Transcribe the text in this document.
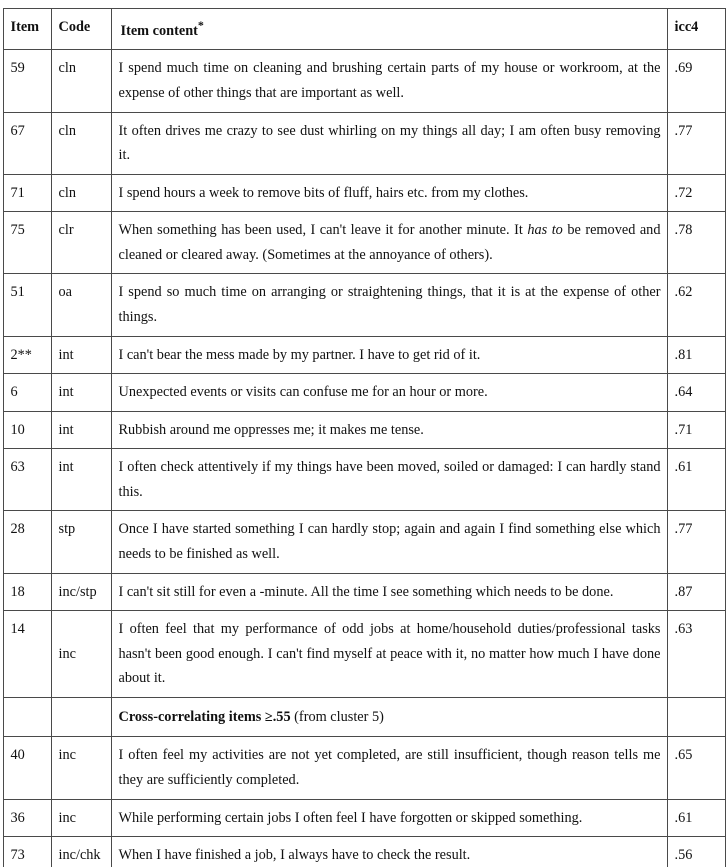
Item	Code	Item content*	icc4
59	cln	I spend much time on cleaning and brushing certain parts of my house or workroom, at the expense of other things that are important as well.	.69
67	cln	It often drives me crazy to see dust whirling on my things all day; I am often busy removing it.	.77
71	cln	I spend hours a week to remove bits of fluff, hairs etc. from my clothes.	.72
75	clr	When something has been used, I can't leave it for another minute. It has to be removed and cleaned or cleared away. (Sometimes at the annoyance of others).	.78
51	oa	I spend so much time on arranging or straightening things, that it is at the expense of other things.	.62
2**	int	I can't bear the mess made by my partner. I have to get rid of it.	.81
6	int	Unexpected events or visits can confuse me for an hour or more.	.64
10	int	Rubbish around me oppresses me; it makes me tense.	.71
63	int	I often check attentively if my things have been moved, soiled or damaged: I can hardly stand this.	.61
28	stp	Once I have started something I can hardly stop; again and again I find something else which needs to be finished as well.	.77
18	inc/stp	I can't sit still for even a -minute. All the time I see something which needs to be done.	.87
14	inc	I often feel that my performance of odd jobs at home/household duties/professional tasks hasn't been good enough. I can't find myself at peace with it, no matter how much I have done about it.	.63
		Cross-correlating items ≥.55 (from cluster 5)	
40	inc	I often feel my activities are not yet completed, are still insufficient, though reason tells me they are sufficiently completed.	.65
36	inc	While performing certain jobs I often feel I have forgotten or skipped something.	.61
73	inc/chk	When I have finished a job, I always have to check the result.	.56
